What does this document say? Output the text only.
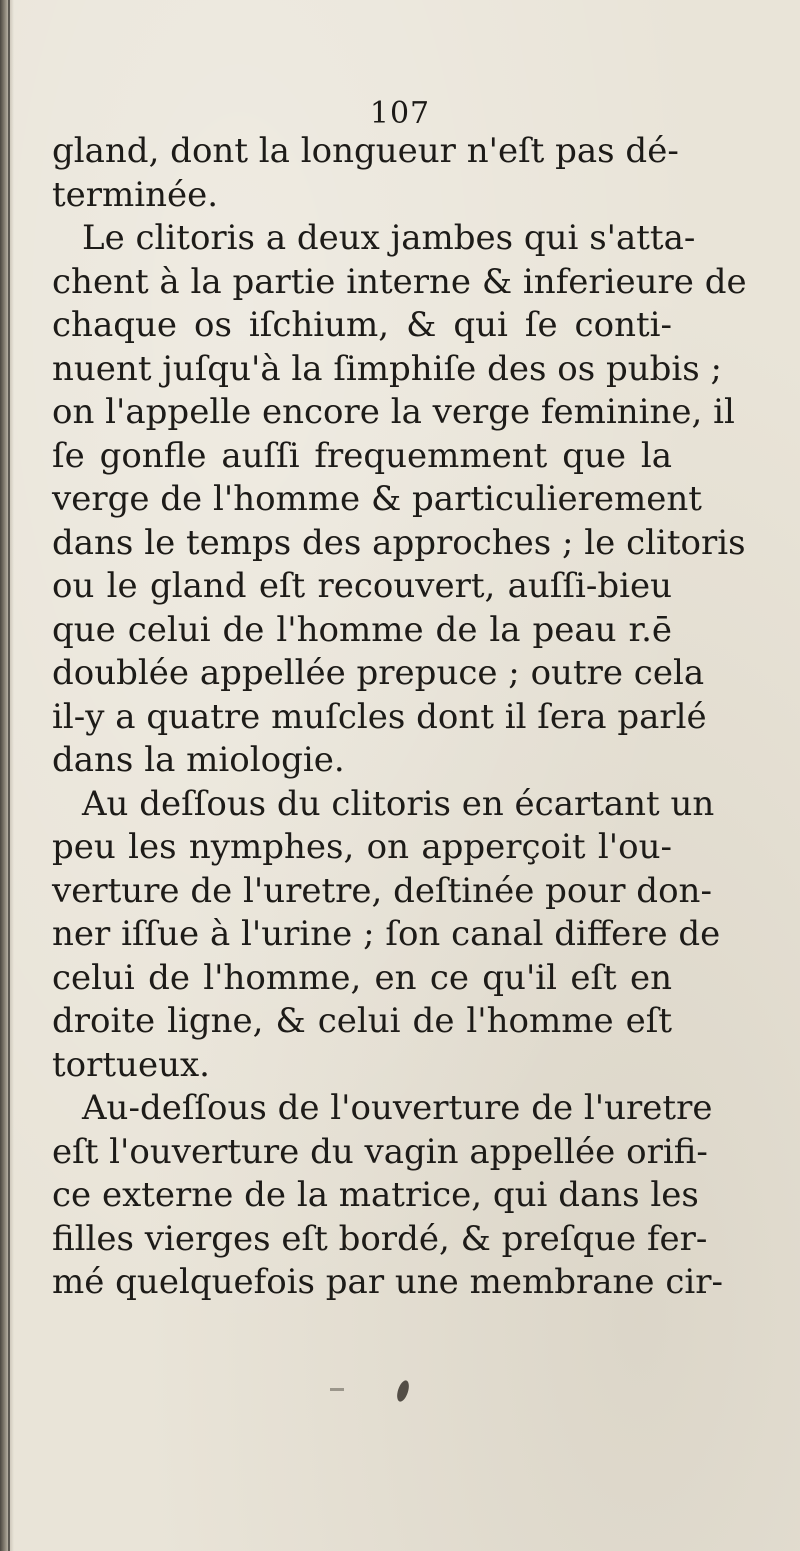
107
gland, dont la longueur n'eſt pas dé-
terminée.
Le clitoris a deux jambes qui s'atta-
chent à la partie interne & inferieure de
chaque os iſchium, & qui ſe conti-
nuent juſqu'à la ſimphiſe des os pubis ;
on l'appelle encore la verge feminine, il
ſe gonfle auſſi frequemment que la
verge de l'homme & particulierement
dans le temps des approches ; le clitoris
ou le gland eſt recouvert, auſſi-bieu
que celui de l'homme de la peau r.ē
doublée appellée prepuce ; outre cela
il-y a quatre muſcles dont il ſera parlé
dans la miologie.
Au deſſous du clitoris en écartant un
peu les nymphes, on apperçoit l'ou-
verture de l'uretre, deſtinée pour don-
ner iſſue à l'urine ; ſon canal differe de
celui de l'homme, en ce qu'il eſt en
droite ligne, & celui de l'homme eſt
tortueux.
Au-deſſous de l'ouverture de l'uretre
eſt l'ouverture du vagin appellée orifi-
ce externe de la matrice, qui dans les
filles vierges eſt bordé, & preſque fer-
mé quelquefois par une membrane cir-
